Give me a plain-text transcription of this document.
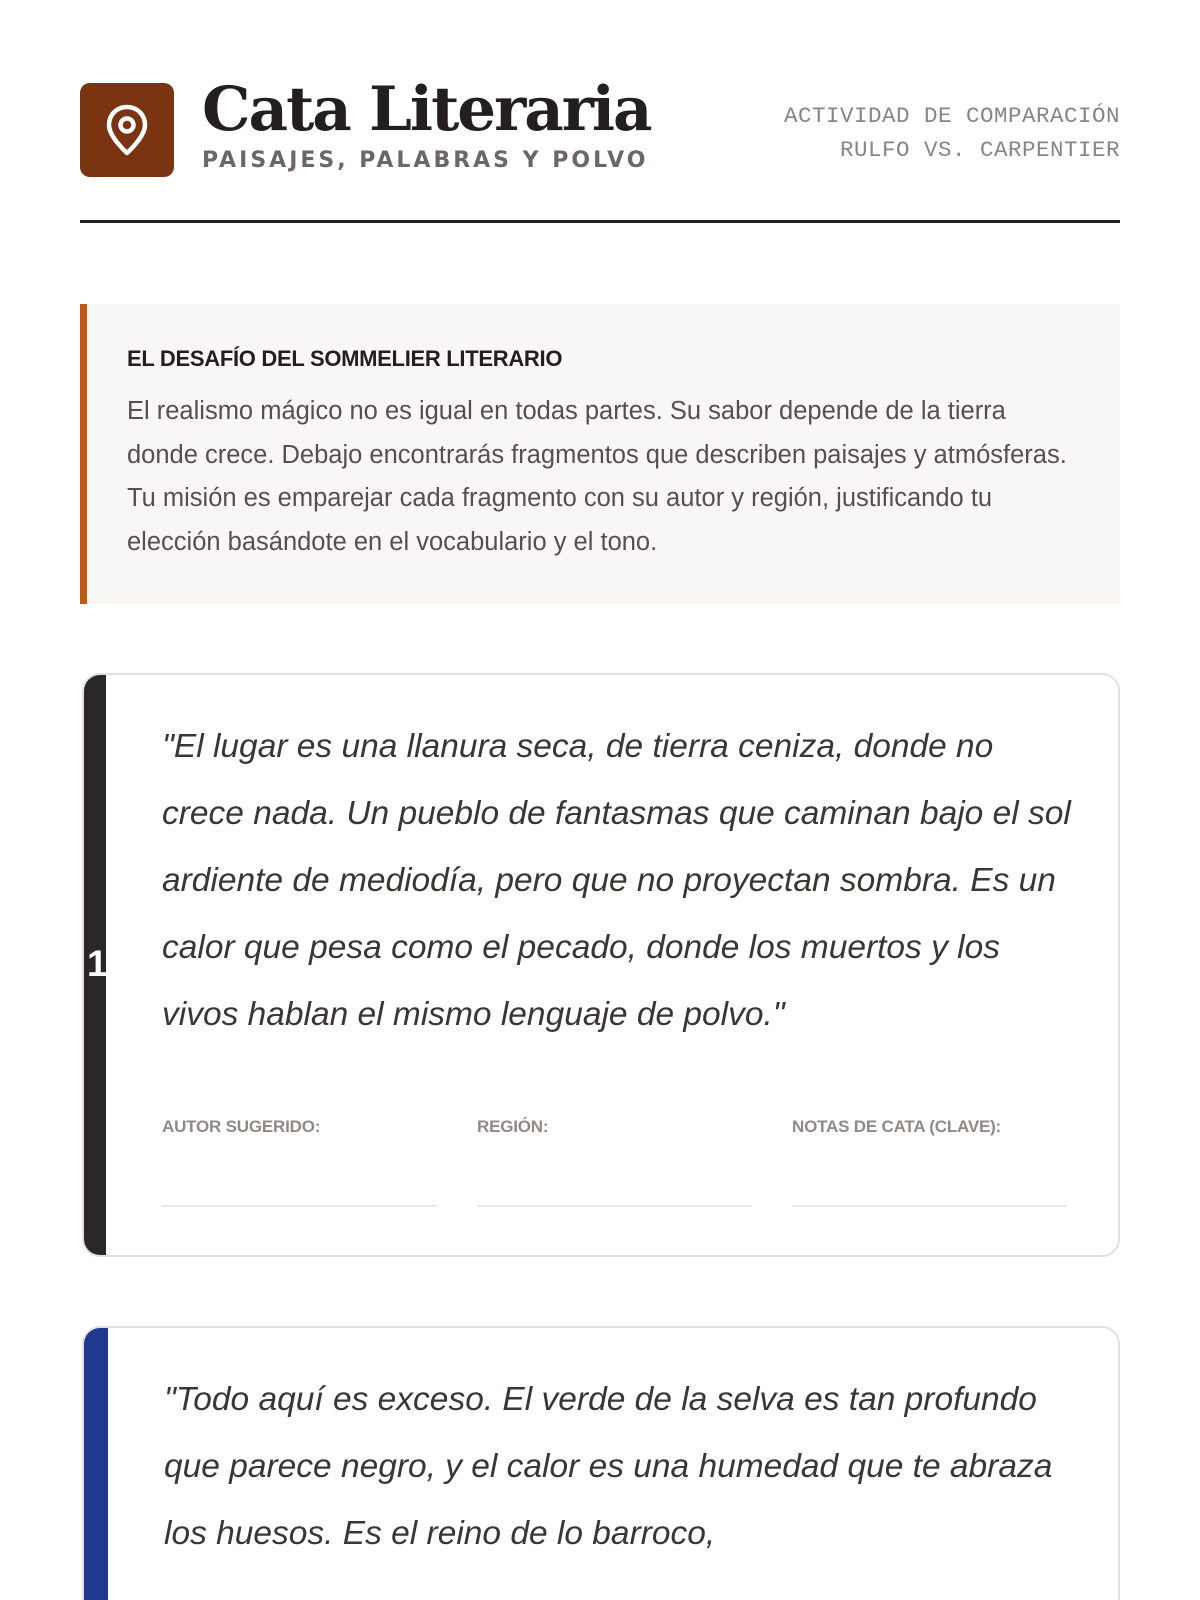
Cata Literaria
PAISAJES, PALABRAS Y POLVO
ACTIVIDAD DE COMPARACIÓN
RULFO VS. CARPENTIER
EL DESAFÍO DEL SOMMELIER LITERARIO

El realismo mágico no es igual en todas partes. Su sabor depende de la tierra donde crece. Debajo encontrarás fragmentos que describen paisajes y atmósferas. Tu misión es emparejar cada fragmento con su autor y región, justificando tu elección basándote en el vocabulario y el tono.

1
"El lugar es una llanura seca, de tierra ceniza, donde no crece nada. Un pueblo de fantasmas que caminan bajo el sol ardiente de mediodía, pero que no proyectan sombra. Es un calor que pesa como el pecado, donde los muertos y los vivos hablan el mismo lenguaje de polvo."
AUTOR SUGERIDO:	REGIÓN:	NOTAS DE CATA (CLAVE):
"Todo aquí es exceso. El verde de la selva es tan profundo que parece negro, y el calor es una humedad que te abraza los huesos. Es el reino de lo barroco,
